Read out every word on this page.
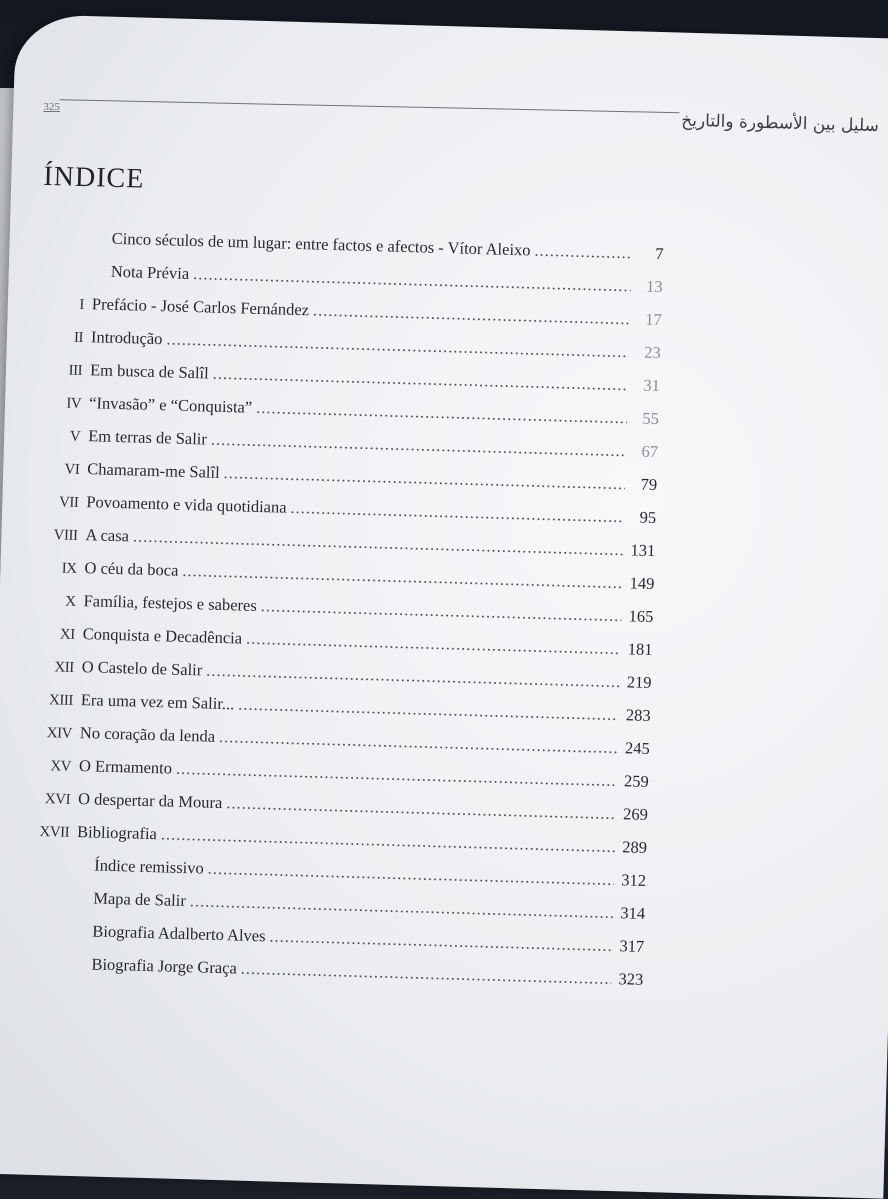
325
سليل بين الأسطورة والتاريخ
ÍNDICE
Cinco séculos de um lugar: entre factos e afectos - Vítor Aleixo
.....	7
Nota Prévia
.....
13
I Prefácio - José Carlos Fernández
.....
17
II Introdução
.....
23
III Em busca de Salîl
.....
31
IV “Invasão” e “Conquista”
.....
55
V Em terras de Salir
.....
67
VI Chamaram-me Salîl
.....
79
VII Povoamento e vida quotidiana
.....
95
VIII A casa
.....
131
IX O céu da boca
.....
149
X Família, festejos e saberes
.....
165
XI Conquista e Decadência
.....
181
XII O Castelo de Salir
.....
219
XIII Era uma vez em Salir...
.....
283
XIV No coração da lenda
.....
245
XV O Ermamento
.....
259
XVI O despertar da Moura
.....
269
XVII Bibliografia
.....
289
Índice remissivo
.....
312
Mapa de Salir
.....
314
Biografia Adalberto Alves
.....
317
Biografia Jorge Graça
.....
323
